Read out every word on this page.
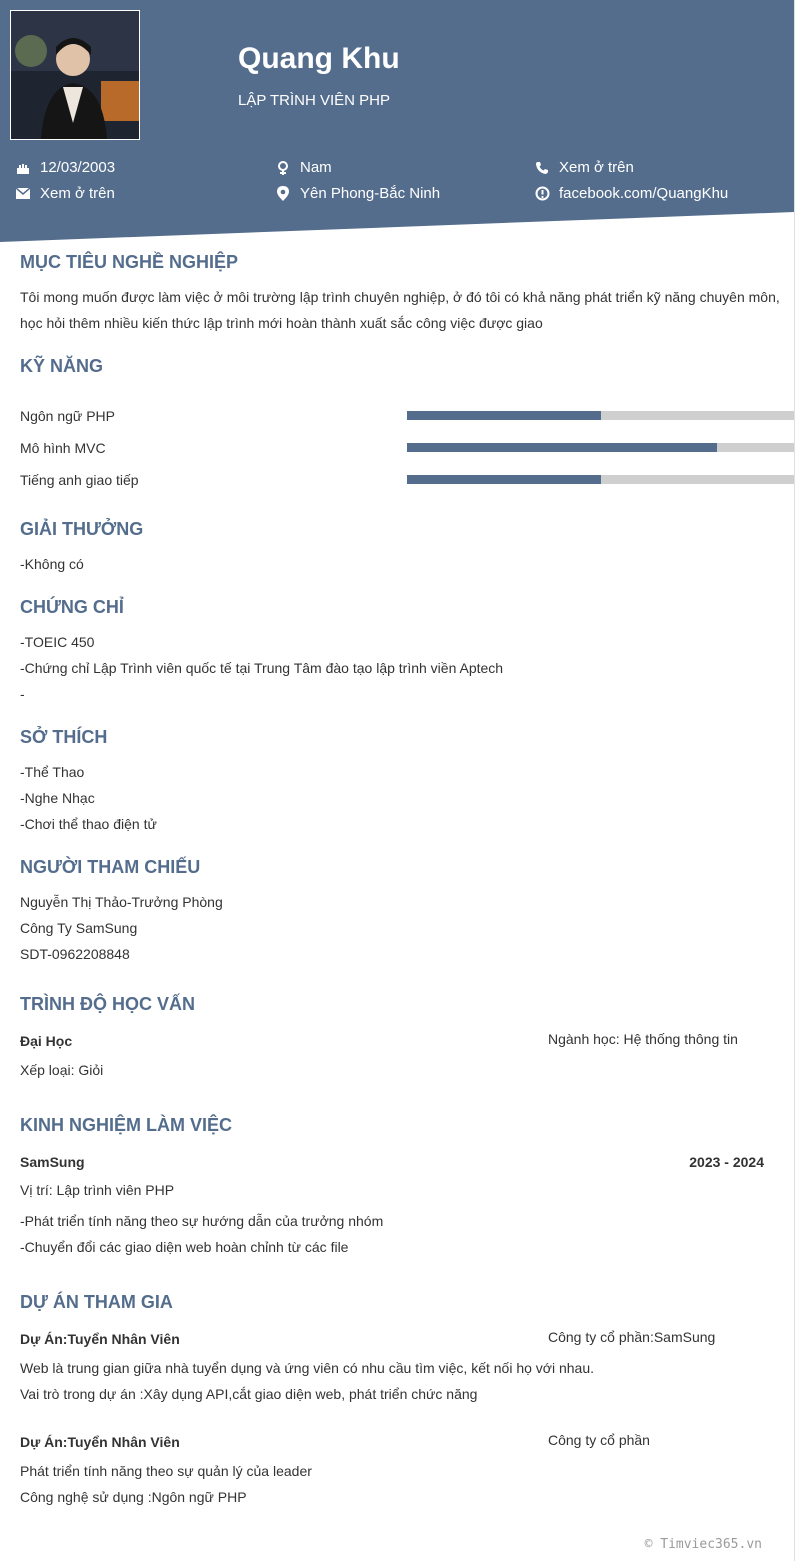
Quang Khu
LẬP TRÌNH VIÊN PHP
12/03/2003	Nam	Xem ở trên
Xem ở trên	Yên Phong-Bắc Ninh	facebook.com/QuangKhu
MỤC TIÊU NGHỀ NGHIỆP
Tôi mong muốn được làm việc ở môi trường lập trình chuyên nghiệp, ở đó tôi có khả năng phát triển kỹ năng chuyên môn,
học hỏi thêm nhiều kiến thức lập trình mới hoàn thành xuất sắc công việc được giao
KỸ NĂNG
Ngôn ngữ PHP
Mô hình MVC
Tiếng anh giao tiếp
GIẢI THƯỞNG
-Không có
CHỨNG CHỈ
-TOEIC 450
-Chứng chỉ Lập Trình viên quốc tế tại Trung Tâm đào tạo lập trình viền Aptech
-
SỞ THÍCH
-Thể Thao
-Nghe Nhạc
-Chơi thể thao điện tử
NGƯỜI THAM CHIẾU
Nguyễn Thị Thảo-Trưởng Phòng
Công Ty SamSung
SDT-0962208848
TRÌNH ĐỘ HỌC VẤN
Đại Học	Ngành học: Hệ thống thông tin
Xếp loại: Giỏi
KINH NGHIỆM LÀM VIỆC
SamSung	2023 - 2024
Vị trí: Lập trình viên PHP
-Phát triển tính năng theo sự hướng dẫn của trưởng nhóm
-Chuyển đổi các giao diện web hoàn chỉnh từ các file
DỰ ÁN THAM GIA
Dự Án:Tuyển Nhân Viên	Công ty cổ phần:SamSung
Web là trung gian giữa nhà tuyển dụng và ứng viên có nhu cầu tìm việc, kết nối họ với nhau.
Vai trò trong dự án :Xây dụng API,cắt giao diện web, phát triển chức năng
Dự Án:Tuyển Nhân Viên	Công ty cổ phần
Phát triển tính năng theo sự quản lý của leader
Công nghệ sử dụng :Ngôn ngữ PHP
© Timviec365.vn
